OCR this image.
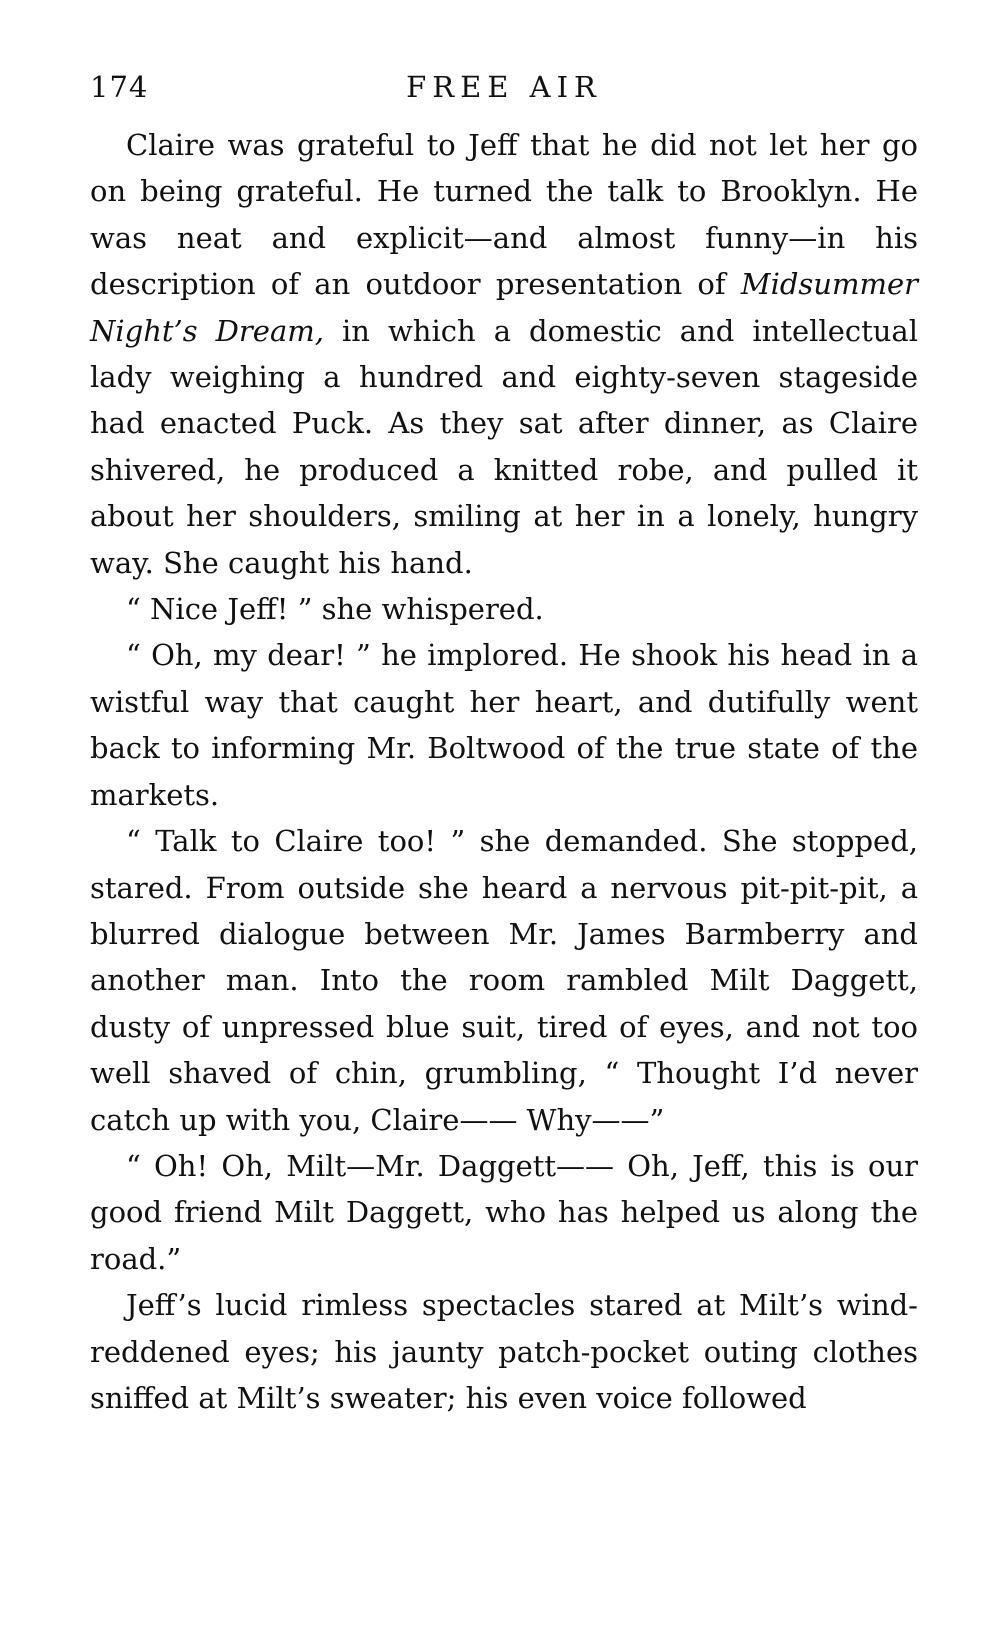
174	FREE AIR

Claire was grateful to Jeff that he did not let her go on being grateful. He turned the talk to Brooklyn. He was neat and explicit—and almost funny—in his description of an outdoor presentation of Midsummer Night’s Dream, in which a domestic and intellectual lady weighing a hundred and eighty-seven stageside had enacted Puck. As they sat after dinner, as Claire shivered, he produced a knitted robe, and pulled it about her shoulders, smiling at her in a lonely, hungry way. She caught his hand.

“ Nice Jeff! ” she whispered.

“ Oh, my dear! ” he implored. He shook his head in a wistful way that caught her heart, and dutifully went back to informing Mr. Boltwood of the true state of the markets.

“ Talk to Claire too! ” she demanded. She stopped, stared. From outside she heard a nervous pit-pit-pit, a blurred dialogue between Mr. James Barmberry and another man. Into the room rambled Milt Daggett, dusty of unpressed blue suit, tired of eyes, and not too well shaved of chin, grumbling, “ Thought I’d never catch up with you, Claire—— Why——”

“ Oh! Oh, Milt—Mr. Daggett—— Oh, Jeff, this is our good friend Milt Daggett, who has helped us along the road.”

Jeff’s lucid rimless spectacles stared at Milt’s wind-reddened eyes; his jaunty patch-pocket outing clothes sniffed at Milt’s sweater; his even voice followed
